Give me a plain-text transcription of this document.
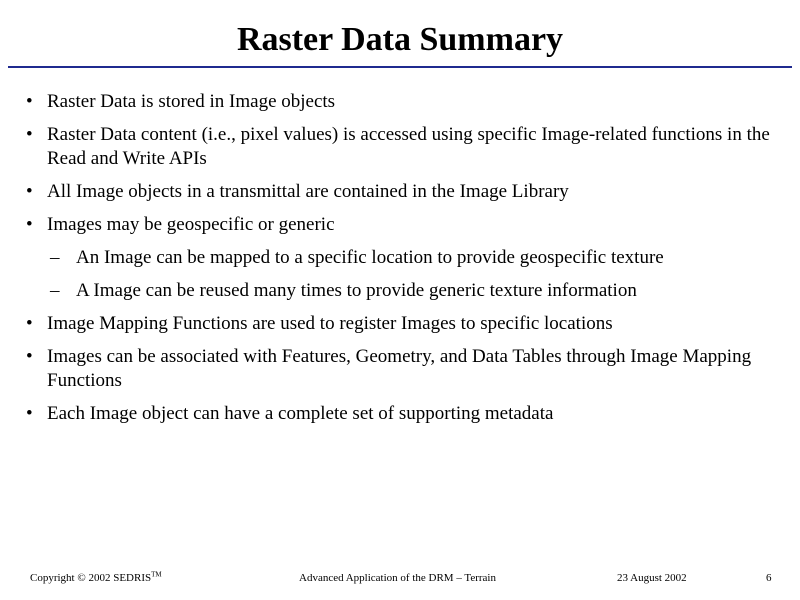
Raster Data Summary
• Raster Data is stored in Image objects
• Raster Data content (i.e., pixel values) is accessed using specific Image-related functions in the Read and Write APIs
• All Image objects in a transmittal are contained in the Image Library
• Images may be geospecific or generic
– An Image can be mapped to a specific location to provide geospecific texture
– A Image can be reused many times to provide generic texture information
• Image Mapping Functions are used to register Images to specific locations
• Images can be associated with Features, Geometry, and Data Tables through Image Mapping Functions
• Each Image object can have a complete set of supporting metadata
Copyright © 2002 SEDRIS™	Advanced Application of the DRM – Terrain	23 August 2002	6
